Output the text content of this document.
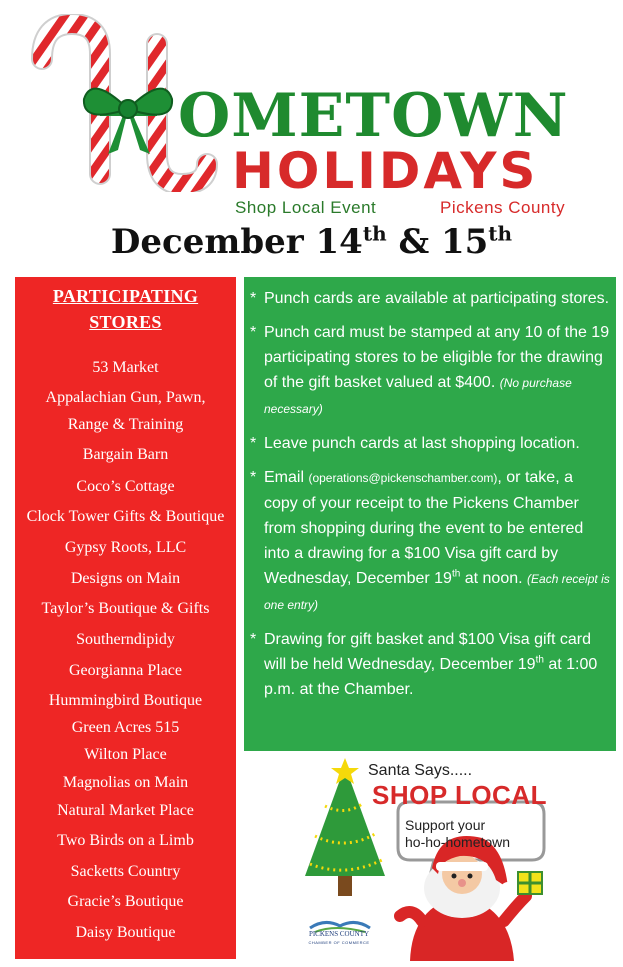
OMETOWN
HOLIDAYS
Shop Local Event	Pickens County
December 14th & 15th
PARTICIPATING
STORES
53 Market
Appalachian Gun, Pawn,
Range & Training
Bargain Barn
Coco’s Cottage
Clock Tower Gifts & Boutique
Gypsy Roots, LLC
Designs on Main
Taylor’s Boutique & Gifts
Southerndipidy
Georgianna Place
Hummingbird Boutique
Green Acres 515
Wilton Place
Magnolias on Main
Natural Market Place
Two Birds on a Limb
Sacketts Country
Gracie’s Boutique
Daisy Boutique
* Punch cards are available at participating stores.
* Punch card must be stamped at any 10 of the 19 participating stores to be eligible for the drawing of the gift basket valued at $400. (No purchase necessary)
* Leave punch cards at last shopping location.
* Email (operations@pickenschamber.com), or take, a copy of your receipt to the Pickens Chamber from shopping during the event to be entered into a drawing for a $100 Visa gift card by Wednesday, December 19th at noon. (Each receipt is one entry)
* Drawing for gift basket and $100 Visa gift card will be held Wednesday, December 19th at 1:00 p.m. at the Chamber.
Santa Says.....
SHOP LOCAL
Support your
ho-ho-hometown
PICKENS COUNTY
CHAMBER OF COMMERCE
